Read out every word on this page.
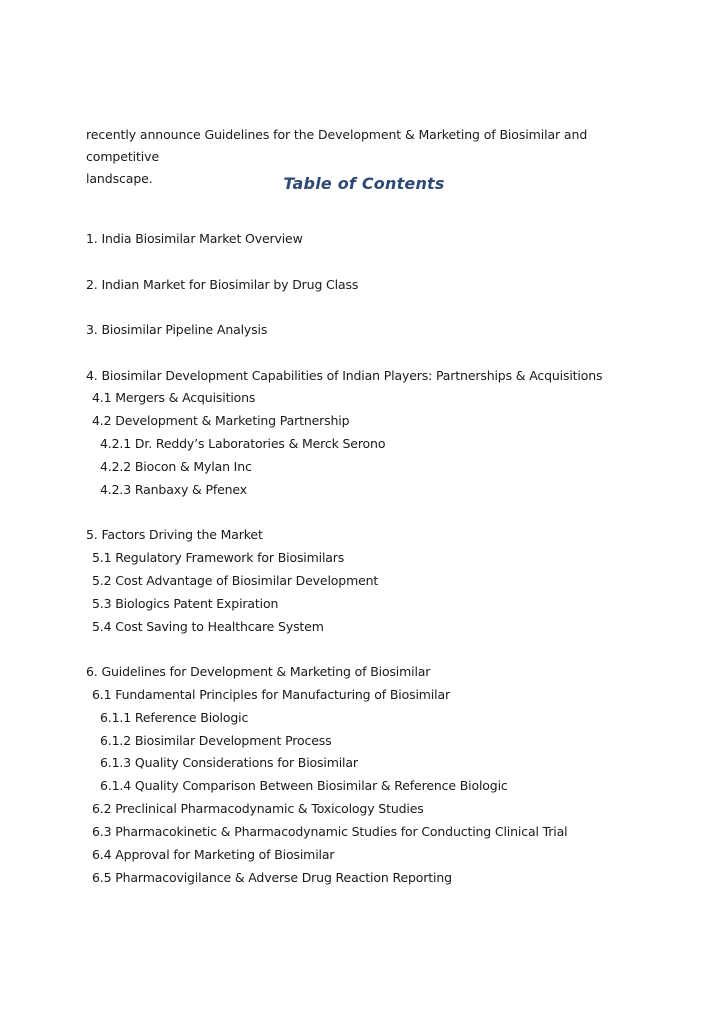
recently announce Guidelines for the Development & Marketing of Biosimilar and competitive
landscape.	Table of Contents
1. India Biosimilar Market Overview
2. Indian Market for Biosimilar by Drug Class
3. Biosimilar Pipeline Analysis
4. Biosimilar Development Capabilities of Indian Players: Partnerships & Acquisitions
4.1 Mergers & Acquisitions
4.2 Development & Marketing Partnership
4.2.1 Dr. Reddy’s Laboratories & Merck Serono
4.2.2 Biocon & Mylan Inc
4.2.3 Ranbaxy & Pfenex
5. Factors Driving the Market
5.1 Regulatory Framework for Biosimilars
5.2 Cost Advantage of Biosimilar Development
5.3 Biologics Patent Expiration
5.4 Cost Saving to Healthcare System
6. Guidelines for Development & Marketing of Biosimilar
6.1 Fundamental Principles for Manufacturing of Biosimilar
6.1.1 Reference Biologic
6.1.2 Biosimilar Development Process
6.1.3 Quality Considerations for Biosimilar
6.1.4 Quality Comparison Between Biosimilar & Reference Biologic
6.2 Preclinical Pharmacodynamic & Toxicology Studies
6.3 Pharmacokinetic & Pharmacodynamic Studies for Conducting Clinical Trial
6.4 Approval for Marketing of Biosimilar
6.5 Pharmacovigilance & Adverse Drug Reaction Reporting
